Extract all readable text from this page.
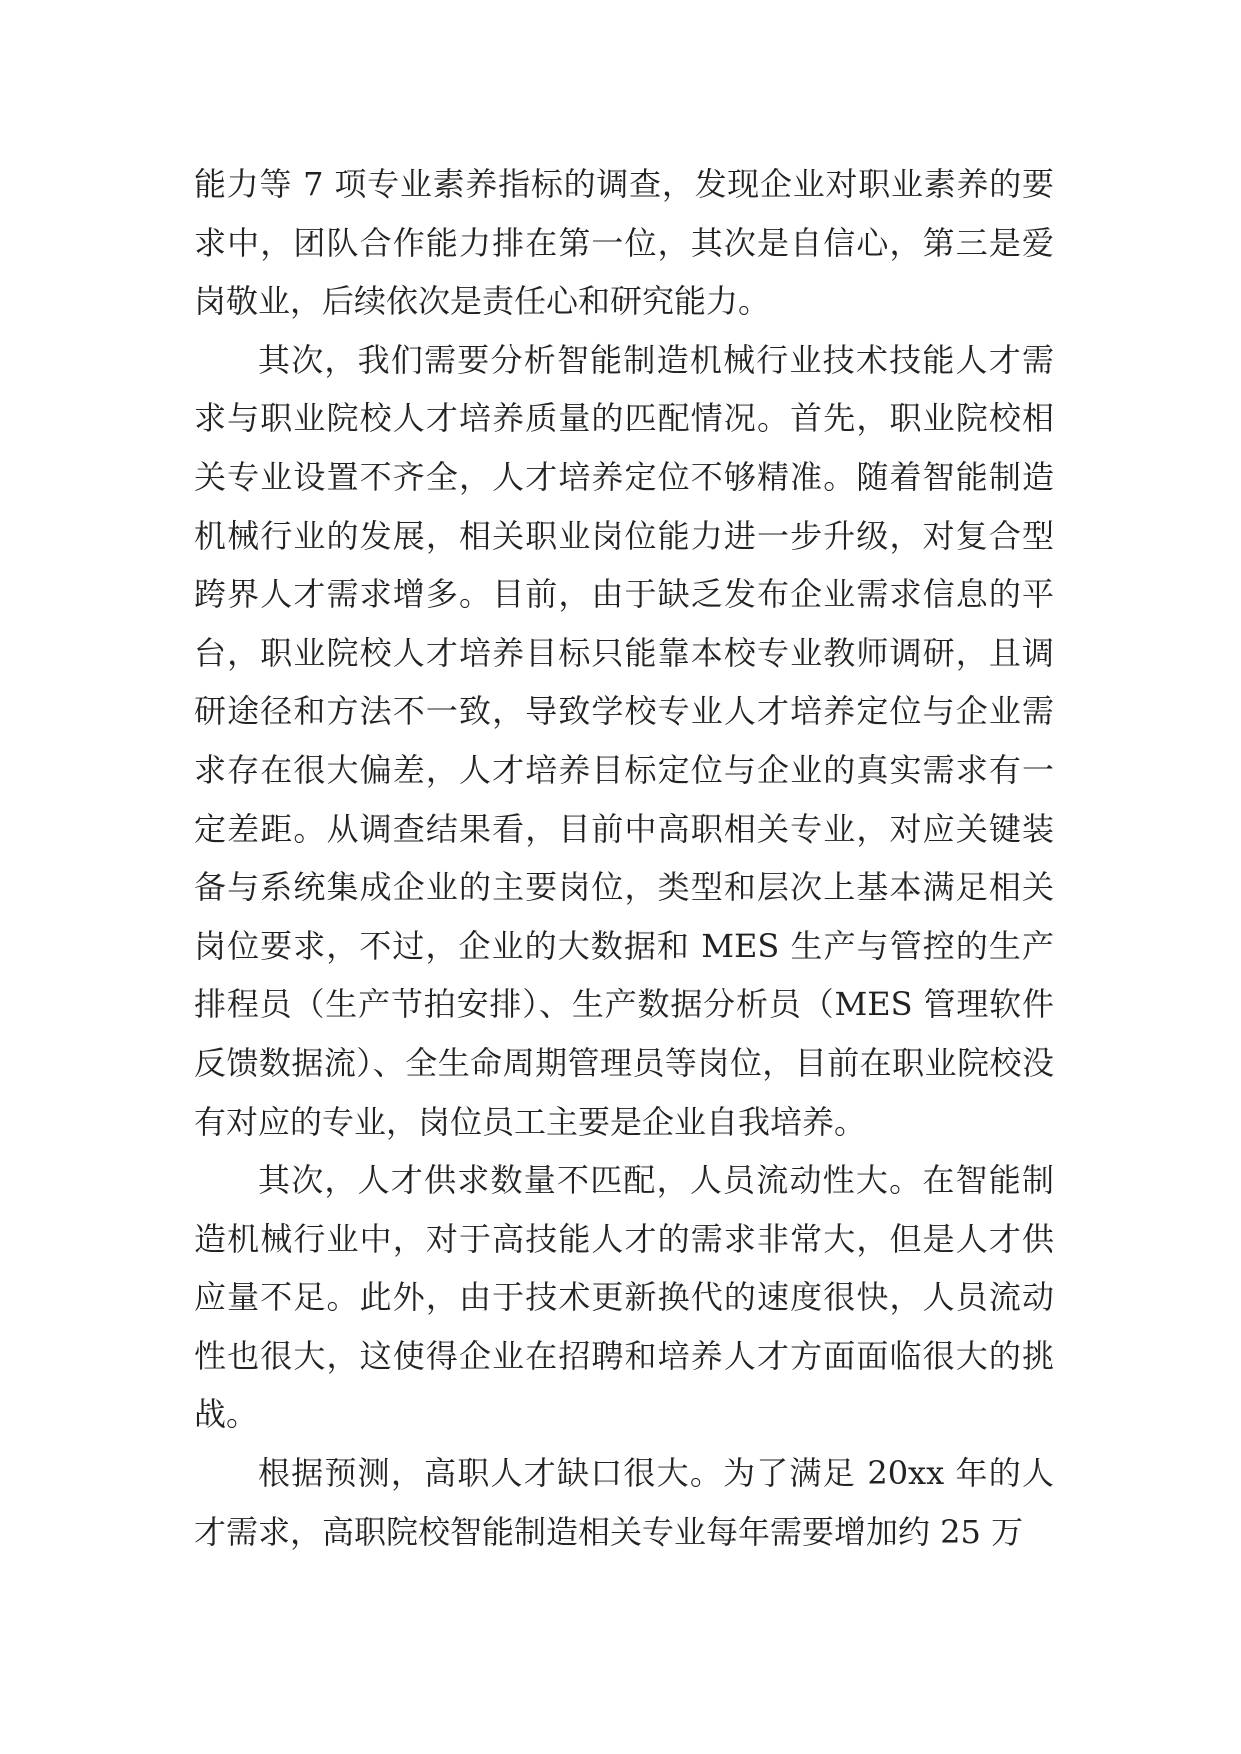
能力等 7 项专业素养指标的调查，发现企业对职业素养的要求中，团队合作能力排在第一位，其次是自信心，第三是爱岗敬业，后续依次是责任心和研究能力。

其次，我们需要分析智能制造机械行业技术技能人才需求与职业院校人才培养质量的匹配情况。首先，职业院校相关专业设置不齐全，人才培养定位不够精准。随着智能制造机械行业的发展，相关职业岗位能力进一步升级，对复合型跨界人才需求增多。目前，由于缺乏发布企业需求信息的平台，职业院校人才培养目标只能靠本校专业教师调研，且调研途径和方法不一致，导致学校专业人才培养定位与企业需求存在很大偏差，人才培养目标定位与企业的真实需求有一定差距。从调查结果看，目前中高职相关专业，对应关键装备与系统集成企业的主要岗位，类型和层次上基本满足相关岗位要求，不过，企业的大数据和 MES 生产与管控的生产排程员（生产节拍安排）、生产数据分析员（MES 管理软件反馈数据流）、全生命周期管理员等岗位，目前在职业院校没有对应的专业，岗位员工主要是企业自我培养。

其次，人才供求数量不匹配，人员流动性大。在智能制造机械行业中，对于高技能人才的需求非常大，但是人才供应量不足。此外，由于技术更新换代的速度很快，人员流动性也很大，这使得企业在招聘和培养人才方面面临很大的挑战。

根据预测，高职人才缺口很大。为了满足 20xx 年的人才需求，高职院校智能制造相关专业每年需要增加约 25 万
